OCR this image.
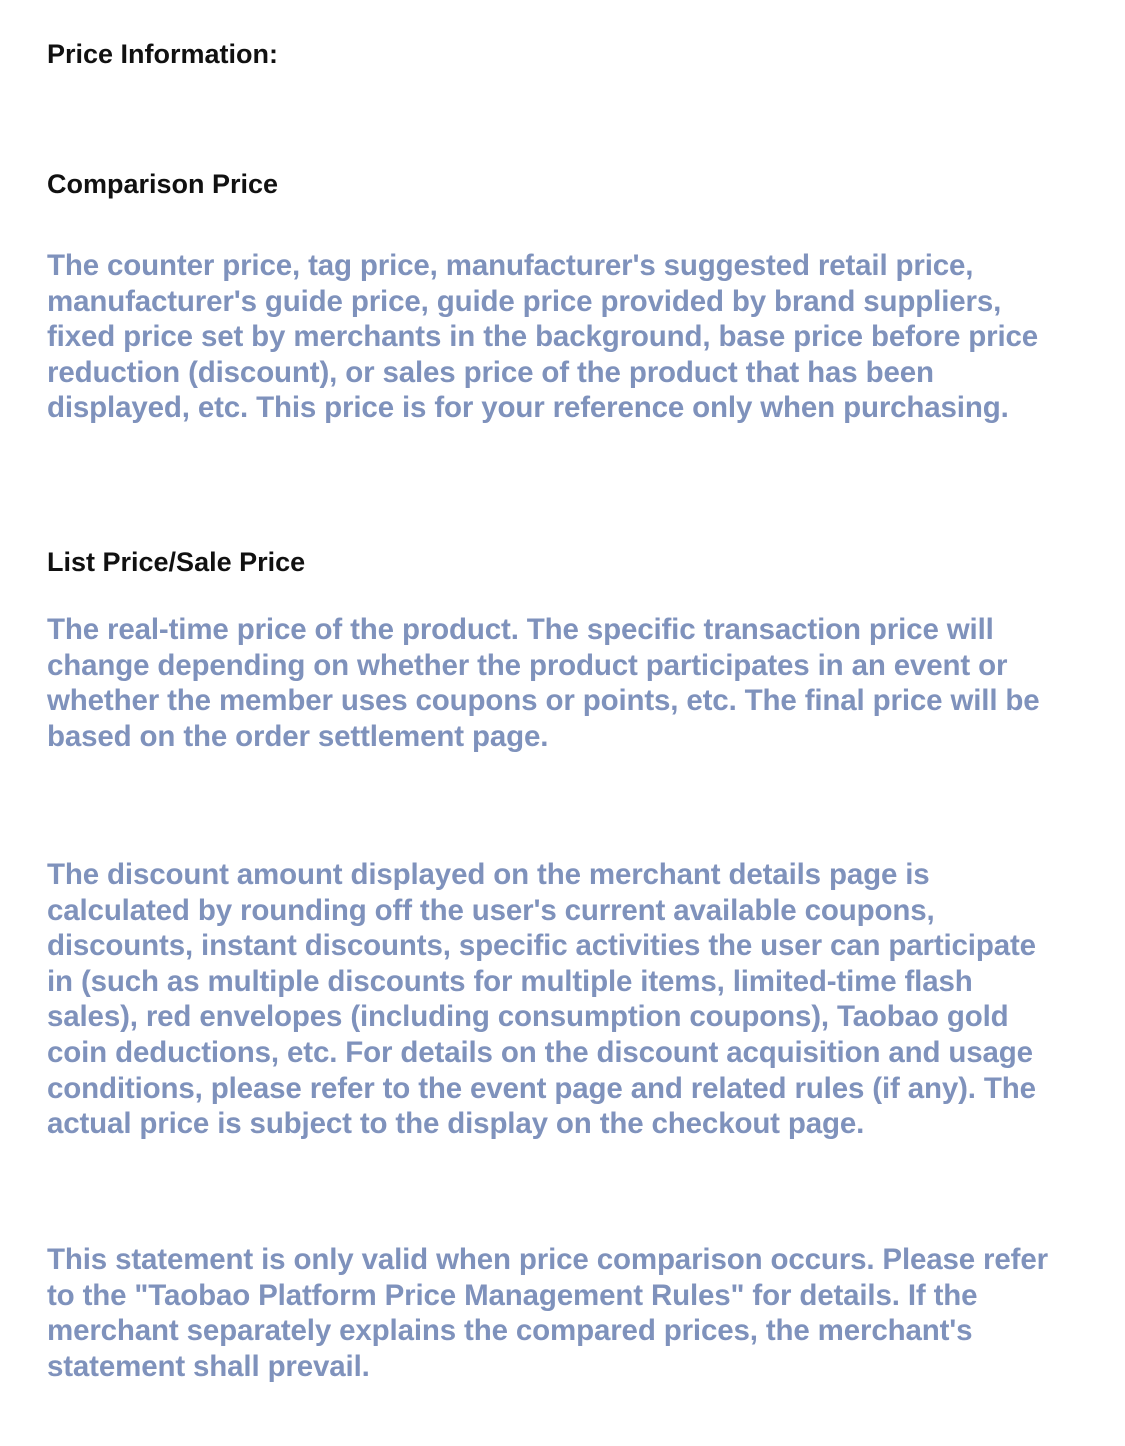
Price Information:
Comparison Price

The counter price, tag price, manufacturer's suggested retail price,
manufacturer's guide price, guide price provided by brand suppliers,
fixed price set by merchants in the background, base price before price
reduction (discount), or sales price of the product that has been
displayed, etc. This price is for your reference only when purchasing.

List Price/Sale Price

The real-time price of the product. The specific transaction price will
change depending on whether the product participates in an event or
whether the member uses coupons or points, etc. The final price will be
based on the order settlement page.

The discount amount displayed on the merchant details page is
calculated by rounding off the user's current available coupons,
discounts, instant discounts, specific activities the user can participate
in (such as multiple discounts for multiple items, limited-time flash
sales), red envelopes (including consumption coupons), Taobao gold
coin deductions, etc. For details on the discount acquisition and usage
conditions, please refer to the event page and related rules (if any). The
actual price is subject to the display on the checkout page.

This statement is only valid when price comparison occurs. Please refer
to the "Taobao Platform Price Management Rules" for details. If the
merchant separately explains the compared prices, the merchant's
statement shall prevail.
